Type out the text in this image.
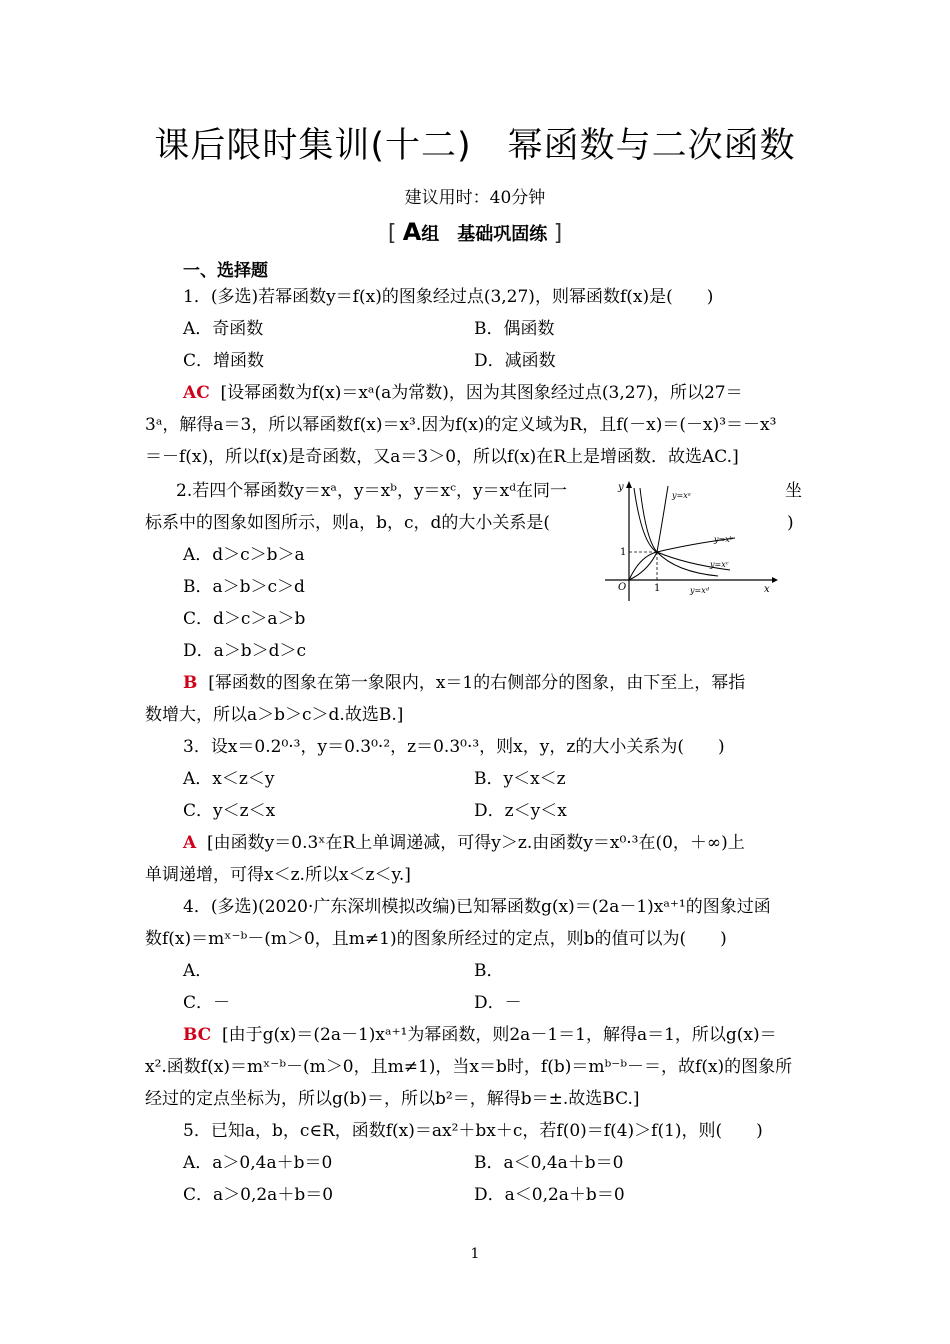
课后限时集训(十二) 幂函数与二次函数
建议用时：40分钟
[ A组　基础巩固练 ]
一、选择题
1．(多选)若幂函数y＝f(x)的图象经过点(3,27)，则幂函数f(x)是(　　)
A．奇函数	B．偶函数
C．增函数	D．减函数
AC [设幂函数为f(x)＝xᵃ(a为常数)，因为其图象经过点(3,27)，所以27＝
3ᵃ，解得a＝3，所以幂函数f(x)＝x³.因为f(x)的定义域为R，且f(－x)＝(－x)³＝－x³
＝－f(x)，所以f(x)是奇函数，又a＝3＞0，所以f(x)在R上是增函数．故选AC.]
2.若四个幂函数y＝xᵃ，y＝xᵇ，y＝xᶜ，y＝xᵈ在同一	坐
标系中的图象如图所示，则a，b，c，d的大小关系是(	)
A．d＞c＞b＞a
B．a＞b＞c＞d
C．d＞c＞a＞b
D．a＞b＞d＞c
B [幂函数的图象在第一象限内，x＝1的右侧部分的图象，由下至上，幂指
数增大，所以a＞b＞c＞d.故选B.]
y
x
O	1
1
y=xᵃ
y=xᵇ
y=xᶜ
y=xᵈ
3．设x＝0.2⁰·³，y＝0.3⁰·²，z＝0.3⁰·³，则x，y，z的大小关系为(　　)
A．x＜z＜y	B．y＜x＜z
C．y＜z＜x	D．z＜y＜x
A [由函数y＝0.3ˣ在R上单调递减，可得y＞z.由函数y＝x⁰·³在(0，＋∞)上
单调递增，可得x＜z.所以x＜z＜y.]
4．(多选)(2020·广东深圳模拟改编)已知幂函数g(x)＝(2a－1)xᵃ⁺¹的图象过函
数f(x)＝mˣ⁻ᵇ－(m＞0，且m≠1)的图象所经过的定点，则b的值可以为(　　)
A．	B．
C．－	D．－
BC [由于g(x)＝(2a－1)xᵃ⁺¹为幂函数，则2a－1＝1，解得a＝1，所以g(x)＝
x².函数f(x)＝mˣ⁻ᵇ－(m＞0，且m≠1)，当x＝b时，f(b)＝mᵇ⁻ᵇ－＝，故f(x)的图象所
经过的定点坐标为，所以g(b)＝，所以b²＝，解得b＝±.故选BC.]
5．已知a，b，c∈R，函数f(x)＝ax²＋bx＋c，若f(0)＝f(4)＞f(1)，则(　　)
A．a＞0,4a＋b＝0	B．a＜0,4a＋b＝0
C．a＞0,2a＋b＝0	D．a＜0,2a＋b＝0
1
